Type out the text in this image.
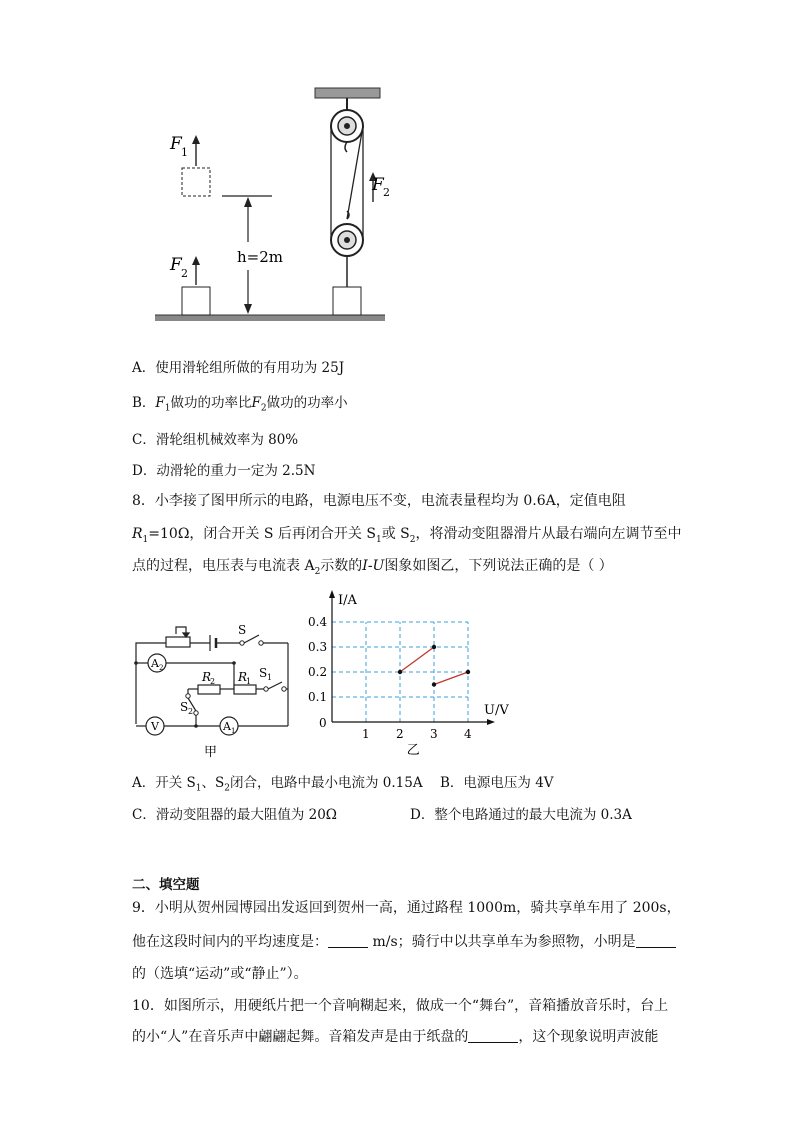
F 1
F 2
h=2m
F 2
A．使用滑轮组所做的有用功为 25J
B．$F_1$做功的功率比$F_2$做功的功率小
C．滑轮组机械效率为 80%
D．动滑轮的重力一定为 2.5N
8．小李接了图甲所示的电路，电源电压不变，电流表量程均为 0.6A，定值电阻
$R_1=10\Omega$，闭合开关 S 后再闭合开关 $S_1$或 $S_2$，将滑动变阻器滑片从最右端向左调节至中
点的过程，电压表与电流表 $A_2$示数的I-U图象如图乙，下列说法正确的是（ ）
A 2
V	A 1
S
S 1
S 2
R
2 R
1
甲
1 2 3 4
0.1
0.2
0.3
0.4
I/A
U/V
0
乙
A．开关 $S_1$、$S_2$闭合，电路中最小电流为 0.15A B．电源电压为 4V
C．滑动变阻器的最大阻值为 20Ω	D．整个电路通过的最大电流为 0.3A
二、填空题
9．小明从贺州园博园出发返回到贺州一高，通过路程 1000m，骑共享单车用了 200s，
他在这段时间内的平均速度是：	m/s；骑行中以共享单车为参照物，小明是
的（选填“运动”或“静止”）。
10．如图所示，用硬纸片把一个音响糊起来，做成一个“舞台”，音箱播放音乐时，台上
的小“人”在音乐声中翩翩起舞。音箱发声是由于纸盘的	，这个现象说明声波能
